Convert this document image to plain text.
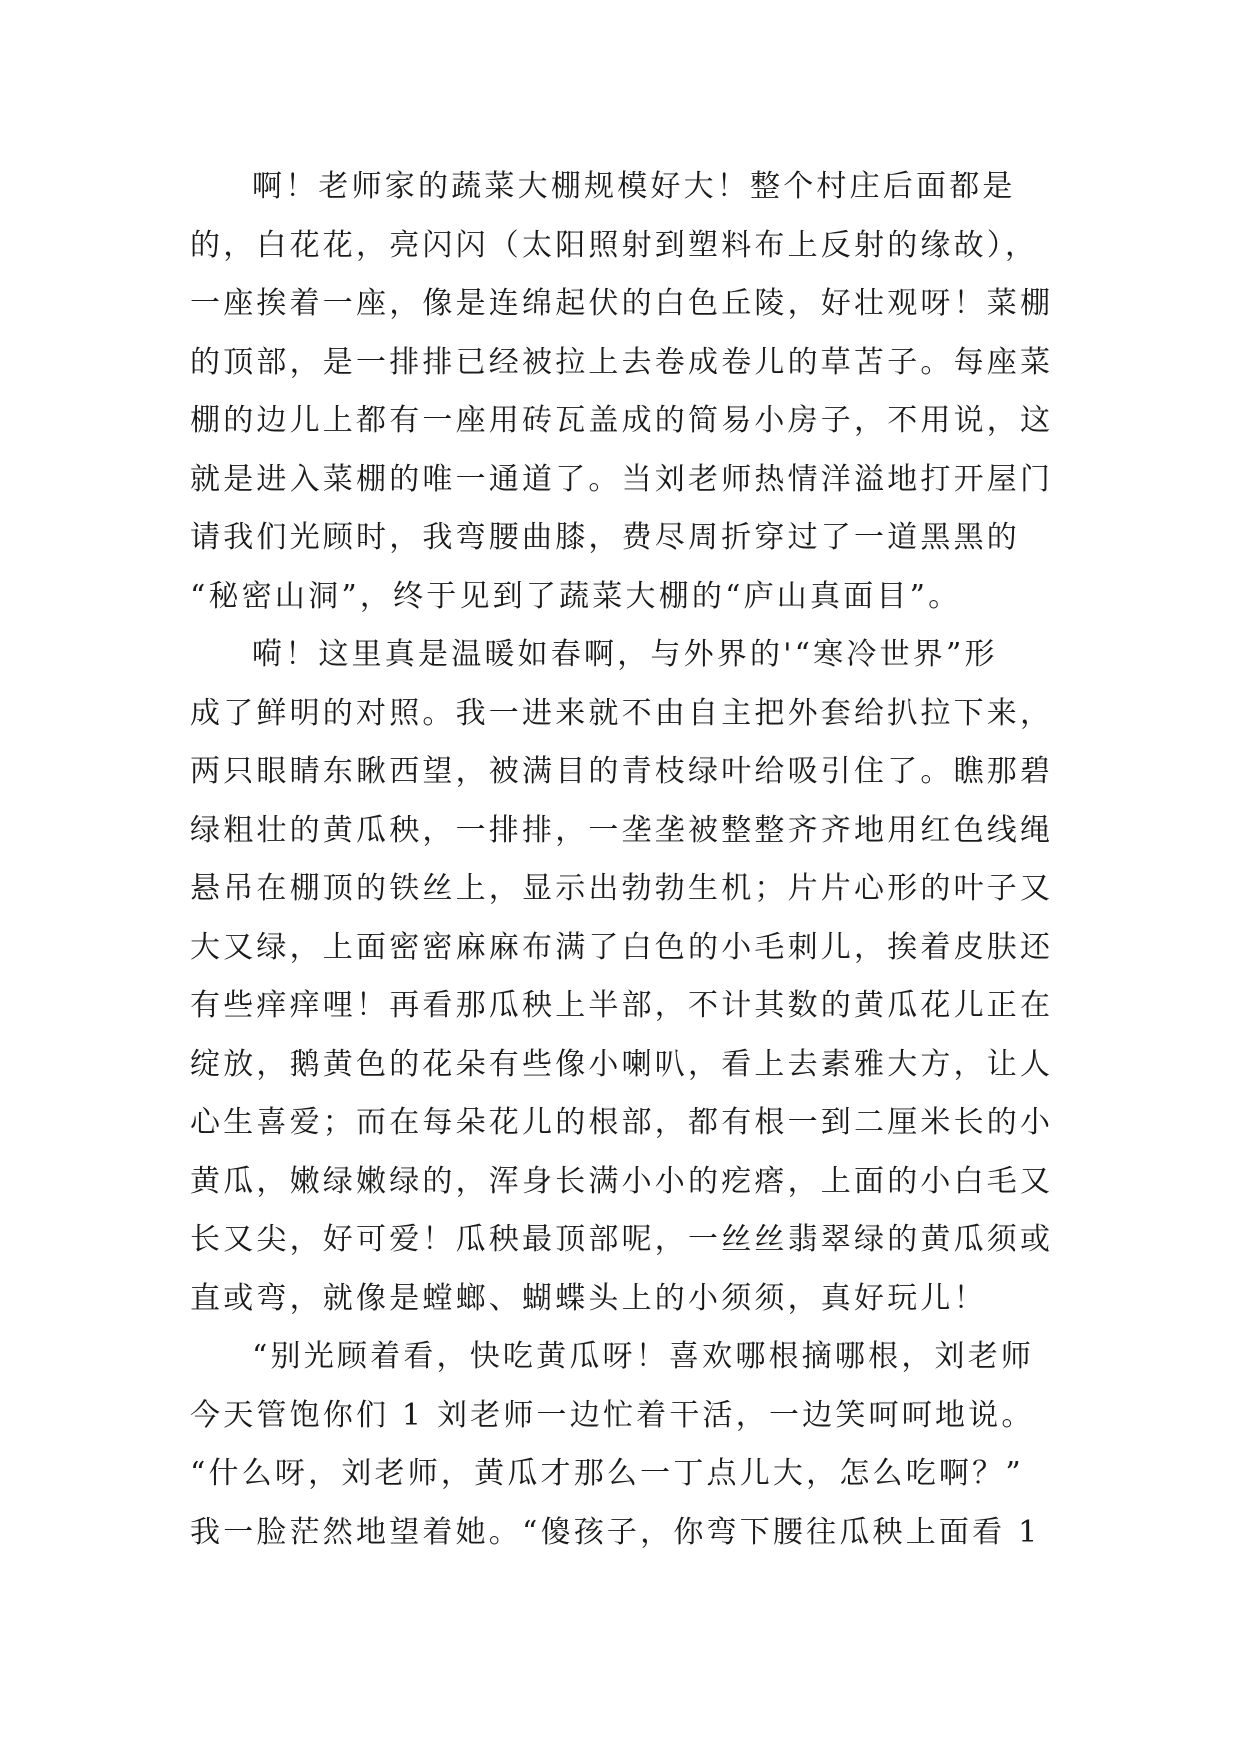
啊！老师家的蔬菜大棚规模好大！整个村庄后面都是
的，白花花，亮闪闪（太阳照射到塑料布上反射的缘故），
一座挨着一座，像是连绵起伏的白色丘陵，好壮观呀！菜棚
的顶部，是一排排已经被拉上去卷成卷儿的草苫子。每座菜
棚的边儿上都有一座用砖瓦盖成的简易小房子，不用说，这
就是进入菜棚的唯一通道了。当刘老师热情洋溢地打开屋门
请我们光顾时，我弯腰曲膝，费尽周折穿过了一道黑黑的
“秘密山洞”，终于见到了蔬菜大棚的“庐山真面目”。
嗬！这里真是温暖如春啊，与外界的'“寒冷世界”形
成了鲜明的对照。我一进来就不由自主把外套给扒拉下来，
两只眼睛东瞅西望，被满目的青枝绿叶给吸引住了。瞧那碧
绿粗壮的黄瓜秧，一排排，一垄垄被整整齐齐地用红色线绳
悬吊在棚顶的铁丝上，显示出勃勃生机；片片心形的叶子又
大又绿，上面密密麻麻布满了白色的小毛刺儿，挨着皮肤还
有些痒痒哩！再看那瓜秧上半部，不计其数的黄瓜花儿正在
绽放，鹅黄色的花朵有些像小喇叭，看上去素雅大方，让人
心生喜爱；而在每朵花儿的根部，都有根一到二厘米长的小
黄瓜，嫩绿嫩绿的，浑身长满小小的疙瘩，上面的小白毛又
长又尖，好可爱！瓜秧最顶部呢，一丝丝翡翠绿的黄瓜须或
直或弯，就像是螳螂、蝴蝶头上的小须须，真好玩儿！
“别光顾着看，快吃黄瓜呀！喜欢哪根摘哪根，刘老师
今天管饱你们 1 刘老师一边忙着干活，一边笑呵呵地说。
“什么呀，刘老师，黄瓜才那么一丁点儿大，怎么吃啊？”
我一脸茫然地望着她。“傻孩子，你弯下腰往瓜秧上面看 1
